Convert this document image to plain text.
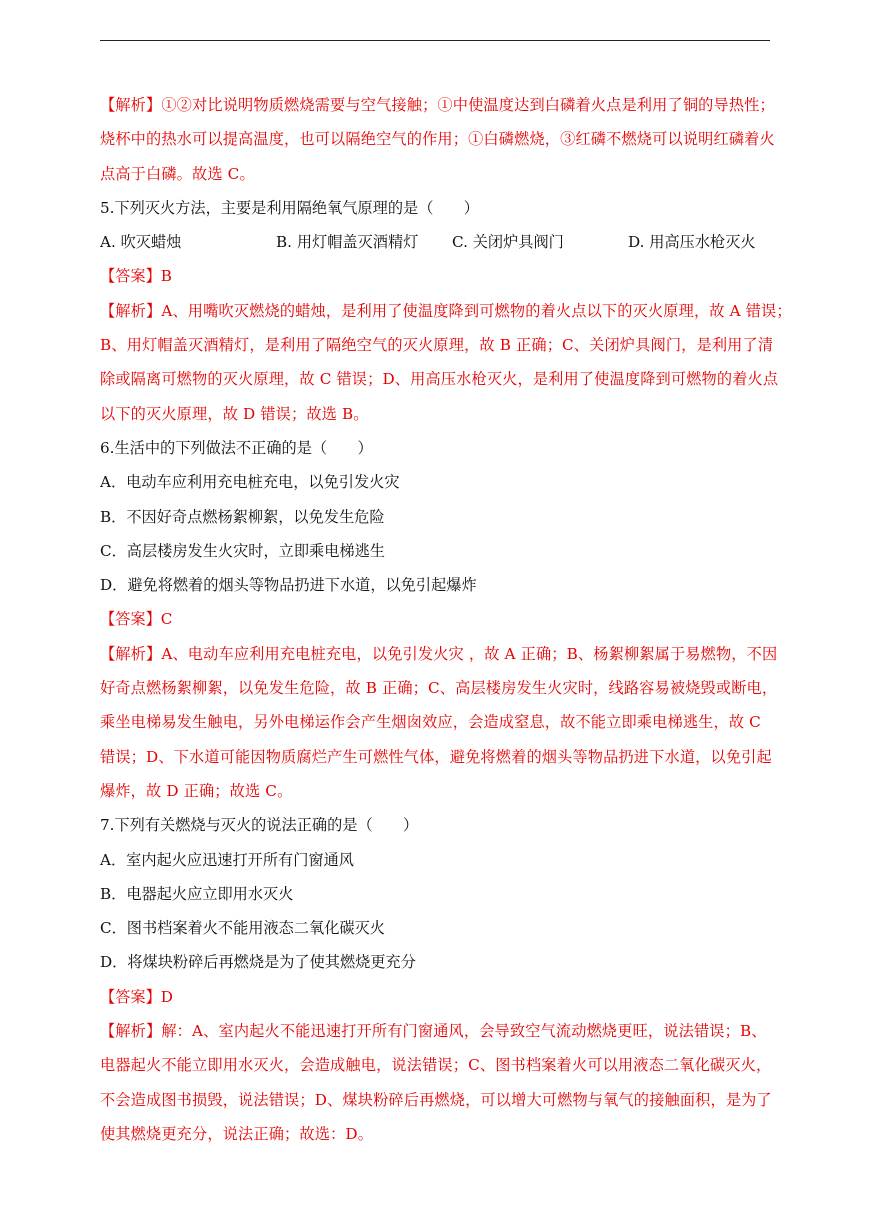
【解析】①②对比说明物质燃烧需要与空气接触；①中使温度达到白磷着火点是利用了铜的导热性；
烧杯中的热水可以提高温度，也可以隔绝空气的作用；①白磷燃烧，③红磷不燃烧可以说明红磷着火
点高于白磷。故选 C。
5.下列灭火方法，主要是利用隔绝氧气原理的是（　　）
A. 吹灭蜡烛	B. 用灯帽盖灭酒精灯	C. 关闭炉具阀门	D. 用高压水枪灭火
【答案】B
【解析】A、用嘴吹灭燃烧的蜡烛，是利用了使温度降到可燃物的着火点以下的灭火原理，故 A 错误；
B、用灯帽盖灭酒精灯，是利用了隔绝空气的灭火原理，故 B 正确；C、关闭炉具阀门，是利用了清
除或隔离可燃物的灭火原理，故 C 错误；D、用高压水枪灭火，是利用了使温度降到可燃物的着火点
以下的灭火原理，故 D 错误；故选 B。
6.生活中的下列做法不正确的是（　　）
A．电动车应利用充电桩充电，以免引发火灾
B．不因好奇点燃杨絮柳絮，以免发生危险
C．高层楼房发生火灾时，立即乘电梯逃生
D．避免将燃着的烟头等物品扔进下水道，以免引起爆炸
【答案】C
【解析】A、电动车应利用充电桩充电，以免引发火灾 ，故 A 正确；B、杨絮柳絮属于易燃物，不因
好奇点燃杨絮柳絮，以免发生危险，故 B 正确；C、高层楼房发生火灾时，线路容易被烧毁或断电，
乘坐电梯易发生触电，另外电梯运作会产生烟囱效应，会造成窒息，故不能立即乘电梯逃生，故 C
错误；D、下水道可能因物质腐烂产生可燃性气体，避免将燃着的烟头等物品扔进下水道，以免引起
爆炸，故 D 正确；故选 C。
7.下列有关燃烧与灭火的说法正确的是（　　）
A．室内起火应迅速打开所有门窗通风
B．电器起火应立即用水灭火
C．图书档案着火不能用液态二氧化碳灭火
D．将煤块粉碎后再燃烧是为了使其燃烧更充分
【答案】D
【解析】解：A、室内起火不能迅速打开所有门窗通风，会导致空气流动燃烧更旺，说法错误；B、
电器起火不能立即用水灭火，会造成触电，说法错误；C、图书档案着火可以用液态二氧化碳灭火，
不会造成图书损毁，说法错误；D、煤块粉碎后再燃烧，可以增大可燃物与氧气的接触面积，是为了
使其燃烧更充分，说法正确；故选：D。
